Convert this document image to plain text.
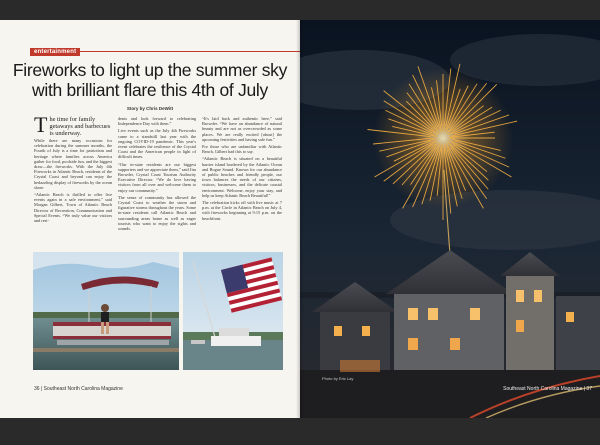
entertainment
Fireworks to light up the summer sky with brilliant flare this 4th of July
Story by Chris DeWitt
T he time for family getaways and barbecues is underway.

While there are many occasions for celebration during the summer months, the Fourth of July is a time for patriotism and heritage where families across America gather for food, poolside fun, and the biggest draw—the fireworks. With the July 4th Fireworks in Atlantic Beach, residents of the Crystal Coast and beyond can enjoy the bedazzling display of fireworks by the ocean shore.

“Atlantic Beach is thrilled to offer live events again in a safe environment,” said Morgan Gilbert, Town of Atlantic Beach Director of Recreation, Communication and Special Events. “We truly value our visitors and resi-

dents and look forward to celebrating Independence Day with them.”

Live events such as the July 4th Fireworks came to a standstill last year with the ongoing COVID-19 pandemic. This year's event celebrates the resilience of the Crystal Coast and the American people in light of difficult times.

“Our in-state residents are our biggest supporters and we appreciate them,” said Jim Browder, Crystal Coast Tourism Authority Executive Director. “We do love having visitors from all over and welcome them to enjoy our community.”

The sense of community has allowed the Crystal Coast to weather the storm and figurative storms throughout the years. Some in-state residents call Atlantic Beach and surrounding areas home as well as eager tourists who want to enjoy the sights and sounds.

“It's laid back and authentic here,” said Browder. “We have an abundance of natural beauty and are not as overcrowded as some places. We are really excited [about] the upcoming festivities and having safe fun.”

For those who are unfamiliar with Atlantic Beach, Gilbert had this to say.

“Atlantic Beach is situated on a beautiful barrier island bordered by the Atlantic Ocean and Bogue Sound. Known for our abundance of public beaches and friendly people, our town balances the needs of our citizens, visitors, businesses, and the delicate coastal environment. Welcome, enjoy your stay, and help us keep Atlantic Beach Beautiful!”

The celebration kicks off with live music at 7 p.m. at the Circle in Atlantic Beach on July 4, with fireworks beginning at 9:15 p.m. on the beachfront.

36 | Southeast North Carolina Magazine
Photo by Eric Lay
Southeast North Carolina Magazine | 37
